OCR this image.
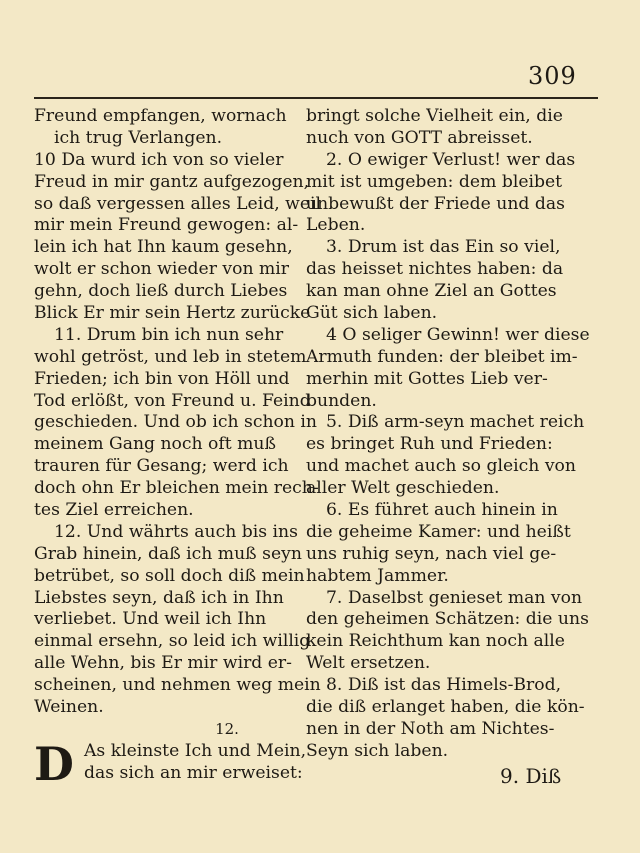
309
Freund empfangen, wornach
ich trug Verlangen.
10 Da wurd ich von so vieler
Freud in mir gantz aufgezogen,
so daß vergessen alles Leid, weil
mir mein Freund gewogen: al-
lein ich hat Ihn kaum gesehn,
wolt er schon wieder von mir
gehn, doch ließ durch Liebes
Blick Er mir sein Hertz zurücke
11. Drum bin ich nun sehr
wohl getröst, und leb in stetem
Frieden; ich bin von Höll und
Tod erlößt, von Freund u. Feind
geschieden. Und ob ich schon in
meinem Gang noch oft muß
trauren für Gesang; werd ich
doch ohn Er bleichen mein rech-
tes Ziel erreichen.
12. Und währts auch bis ins
Grab hinein, daß ich muß seyn
betrübet, so soll doch diß mein
Liebstes seyn, daß ich in Ihn
verliebet. Und weil ich Ihn
einmal ersehn, so leid ich willig
alle Wehn, bis Er mir wird er-
scheinen, und nehmen weg mein
Weinen.
12.
D As kleinste Ich und Mein,
das sich an mir erweiset:
bringt solche Vielheit ein, die
nuch von GOTT abreisset.
2. O ewiger Verlust! wer das
mit ist umgeben: dem bleibet
unbewußt der Friede und das
Leben.
3. Drum ist das Ein so viel,
das heisset nichtes haben: da
kan man ohne Ziel an Gottes
Güt sich laben.
4 O seliger Gewinn! wer diese
Armuth funden: der bleibet im-
merhin mit Gottes Lieb ver-
bunden.
5. Diß arm-seyn machet reich
es bringet Ruh und Frieden:
und machet auch so gleich von
aller Welt geschieden.
6. Es führet auch hinein in
die geheime Kamer: und heißt
uns ruhig seyn, nach viel ge-
habtem Jammer.
7. Daselbst genieset man von
den geheimen Schätzen: die uns
kein Reichthum kan noch alle
Welt ersetzen.
8. Diß ist das Himels-Brod,
die diß erlanget haben, die kön-
nen in der Noth am Nichtes-
Seyn sich laben.
9. Diß
